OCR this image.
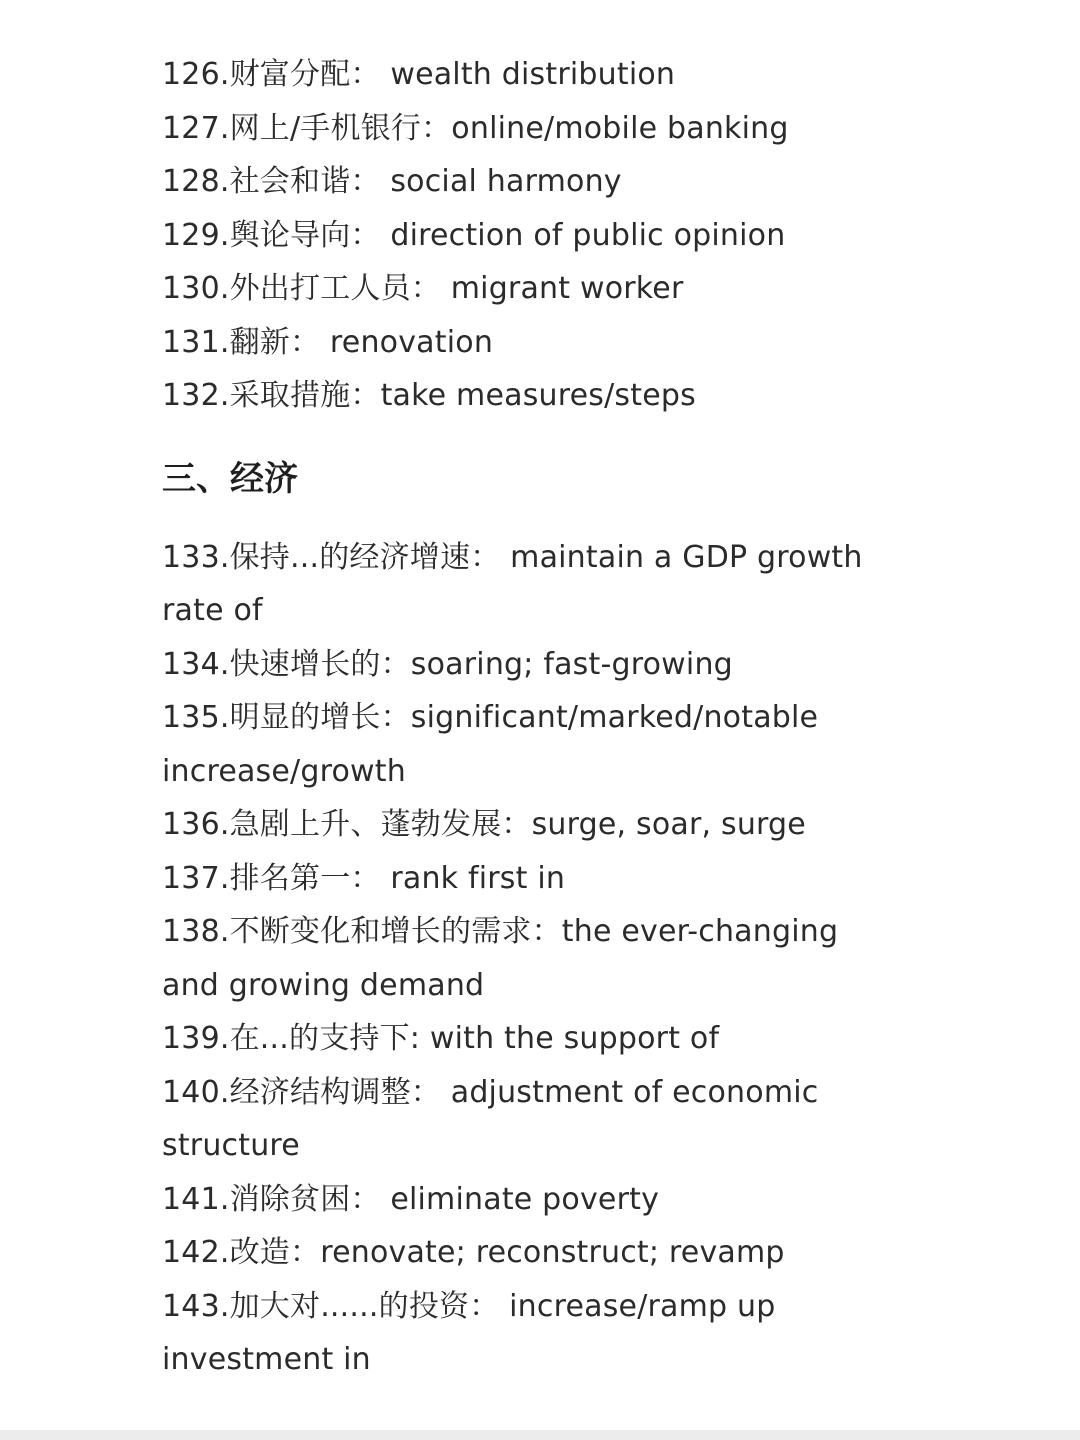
126.财富分配： wealth distribution

127.网上/手机银行：online/mobile banking

128.社会和谐： social harmony

129.舆论导向： direction of public opinion

130.外出打工人员： migrant worker

131.翻新： renovation

132.采取措施：take measures/steps

三、经济

133.保持...的经济增速： maintain a GDP growth rate of

134.快速增长的：soaring; fast-growing

135.明显的增长：significant/marked/notable increase/growth

136.急剧上升、蓬勃发展：surge, soar, surge

137.排名第一： rank first in

138.不断变化和增长的需求：the ever-changing and growing demand

139.在...的支持下: with the support of

140.经济结构调整： adjustment of economic structure

141.消除贫困： eliminate poverty

142.改造：renovate; reconstruct; revamp

143.加大对......的投资： increase/ramp up investment in
